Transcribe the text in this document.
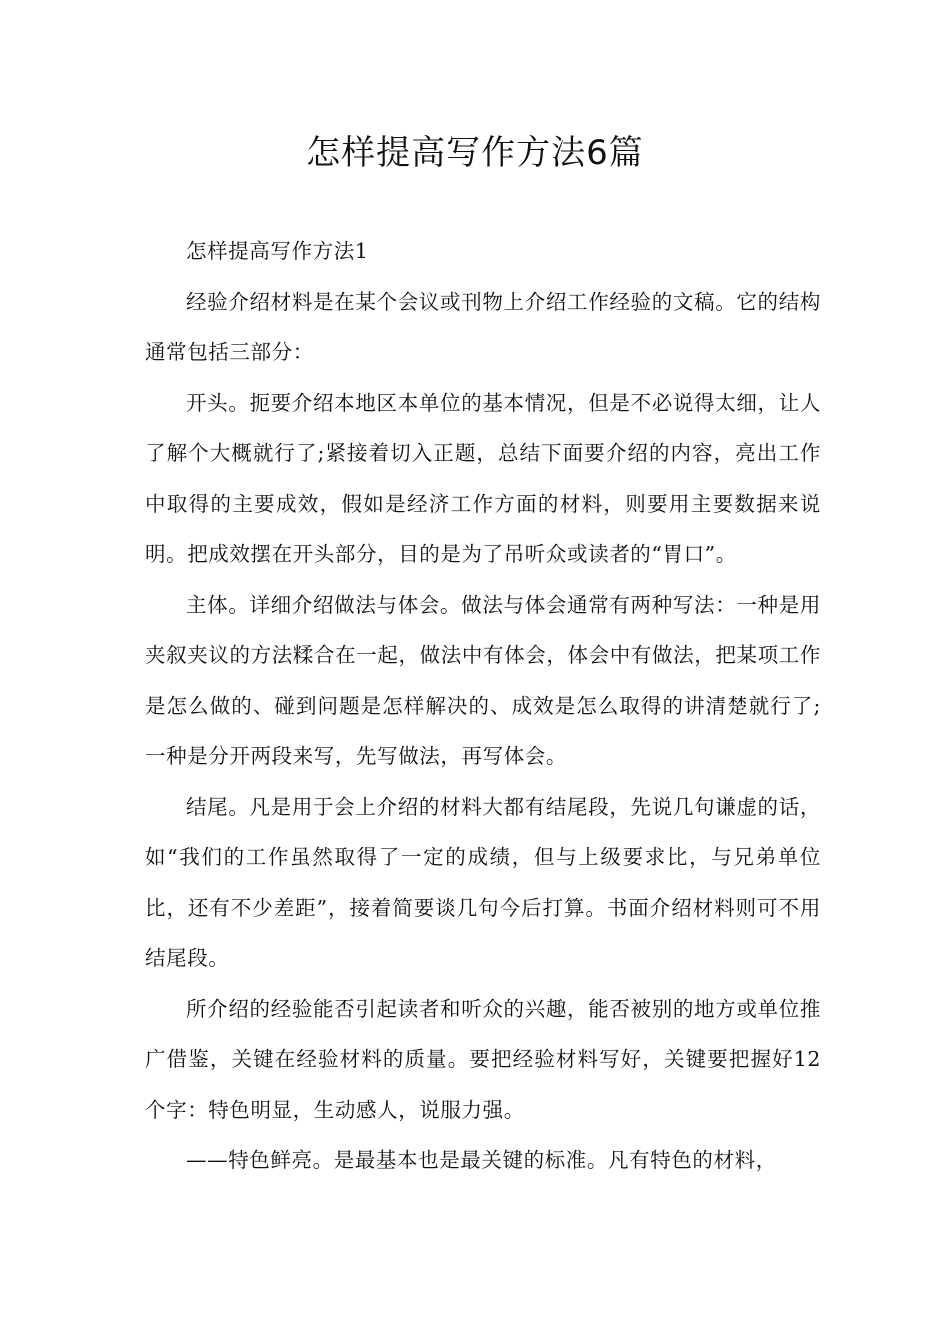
怎样提高写作方法6篇

怎样提高写作方法1

经验介绍材料是在某个会议或刊物上介绍工作经验的文稿。它的结构通常包括三部分：

开头。扼要介绍本地区本单位的基本情况，但是不必说得太细，让人了解个大概就行了;紧接着切入正题，总结下面要介绍的内容，亮出工作中取得的主要成效，假如是经济工作方面的材料，则要用主要数据来说明。把成效摆在开头部分，目的是为了吊听众或读者的“胃口”。

主体。详细介绍做法与体会。做法与体会通常有两种写法：一种是用夹叙夹议的方法糅合在一起，做法中有体会，体会中有做法，把某项工作是怎么做的、碰到问题是怎样解决的、成效是怎么取得的讲清楚就行了;一种是分开两段来写，先写做法，再写体会。

结尾。凡是用于会上介绍的材料大都有结尾段，先说几句谦虚的话，如“我们的工作虽然取得了一定的成绩，但与上级要求比，与兄弟单位比，还有不少差距”，接着简要谈几句今后打算。书面介绍材料则可不用结尾段。

所介绍的经验能否引起读者和听众的兴趣，能否被别的地方或单位推广借鉴，关键在经验材料的质量。要把经验材料写好，关键要把握好12个字：特色明显，生动感人，说服力强。

——特色鲜亮。是最基本也是最关键的标准。凡有特色的材料，
